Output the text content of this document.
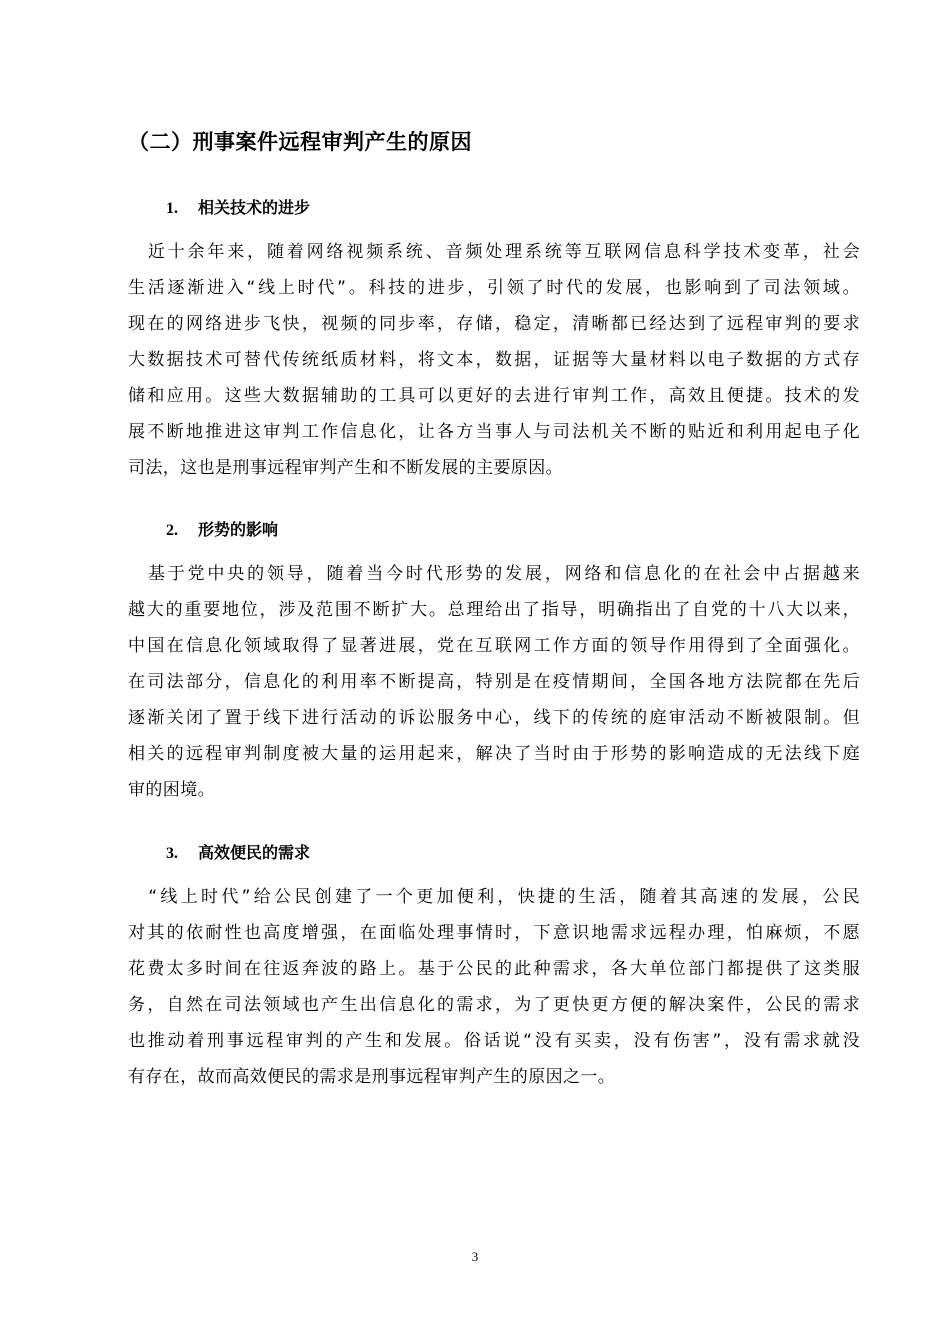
（二）刑事案件远程审判产生的原因
1. 相关技术的进步
　近十余年来，随着网络视频系统、音频处理系统等互联网信息科学技术变革，社会
生活逐渐进入“线上时代”。科技的进步，引领了时代的发展，也影响到了司法领域。
现在的网络进步飞快，视频的同步率，存储，稳定，清晰都已经达到了远程审判的要求
大数据技术可替代传统纸质材料，将文本，数据，证据等大量材料以电子数据的方式存
储和应用。这些大数据辅助的工具可以更好的去进行审判工作，高效且便捷。技术的发
展不断地推进这审判工作信息化，让各方当事人与司法机关不断的贴近和利用起电子化
司法，这也是刑事远程审判产生和不断发展的主要原因。
2. 形势的影响
　基于党中央的领导，随着当今时代形势的发展，网络和信息化的在社会中占据越来
越大的重要地位，涉及范围不断扩大。总理给出了指导，明确指出了自党的十八大以来，
中国在信息化领域取得了显著进展，党在互联网工作方面的领导作用得到了全面强化。
在司法部分，信息化的利用率不断提高，特别是在疫情期间，全国各地方法院都在先后
逐渐关闭了置于线下进行活动的诉讼服务中心，线下的传统的庭审活动不断被限制。但
相关的远程审判制度被大量的运用起来，解决了当时由于形势的影响造成的无法线下庭
审的困境。
3. 高效便民的需求
　“线上时代”给公民创建了一个更加便利，快捷的生活，随着其高速的发展，公民
对其的依耐性也高度增强，在面临处理事情时，下意识地需求远程办理，怕麻烦，不愿
花费太多时间在往返奔波的路上。基于公民的此种需求，各大单位部门都提供了这类服
务，自然在司法领域也产生出信息化的需求，为了更快更方便的解决案件，公民的需求
也推动着刑事远程审判的产生和发展。俗话说“没有买卖，没有伤害”，没有需求就没
有存在，故而高效便民的需求是刑事远程审判产生的原因之一。
3
